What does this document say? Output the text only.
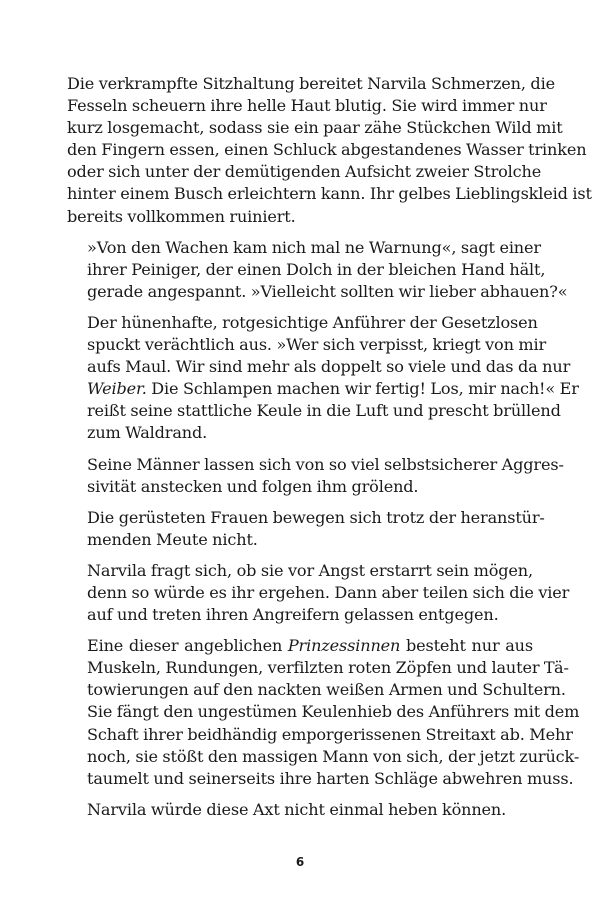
Die verkrampfte Sitzhaltung bereitet Narvila Schmerzen, die
Fesseln scheuern ihre helle Haut blutig. Sie wird immer nur
kurz losgemacht, sodass sie ein paar zähe Stückchen Wild mit
den Fingern essen, einen Schluck abgestandenes Wasser trinken
oder sich unter der demütigenden Aufsicht zweier Strolche
hinter einem Busch erleichtern kann. Ihr gelbes Lieblingskleid ist
bereits vollkommen ruiniert.

»Von den Wachen kam nich mal ne Warnung«, sagt einer
ihrer Peiniger, der einen Dolch in der bleichen Hand hält,
gerade angespannt. »Vielleicht sollten wir lieber abhauen?«

Der hünenhafte, rotgesichtige Anführer der Gesetzlosen
spuckt verächtlich aus. »Wer sich verpisst, kriegt von mir
aufs Maul. Wir sind mehr als doppelt so viele und das da nur
Weiber. Die Schlampen machen wir fertig! Los, mir nach!« Er
reißt seine stattliche Keule in die Luft und prescht brüllend
zum Waldrand.

Seine Männer lassen sich von so viel selbstsicherer Aggres-
sivität anstecken und folgen ihm grölend.

Die gerüsteten Frauen bewegen sich trotz der heranstür-
menden Meute nicht.

Narvila fragt sich, ob sie vor Angst erstarrt sein mögen,
denn so würde es ihr ergehen. Dann aber teilen sich die vier
auf und treten ihren Angreifern gelassen entgegen.

Eine dieser angeblichen Prinzessinnen besteht nur aus
Muskeln, Rundungen, verfilzten roten Zöpfen und lauter Tä-
towierungen auf den nackten weißen Armen und Schultern.
Sie fängt den ungestümen Keulenhieb des Anführers mit dem
Schaft ihrer beidhändig emporgerissenen Streitaxt ab. Mehr
noch, sie stößt den massigen Mann von sich, der jetzt zurück-
taumelt und seinerseits ihre harten Schläge abwehren muss.

Narvila würde diese Axt nicht einmal heben können.

6
